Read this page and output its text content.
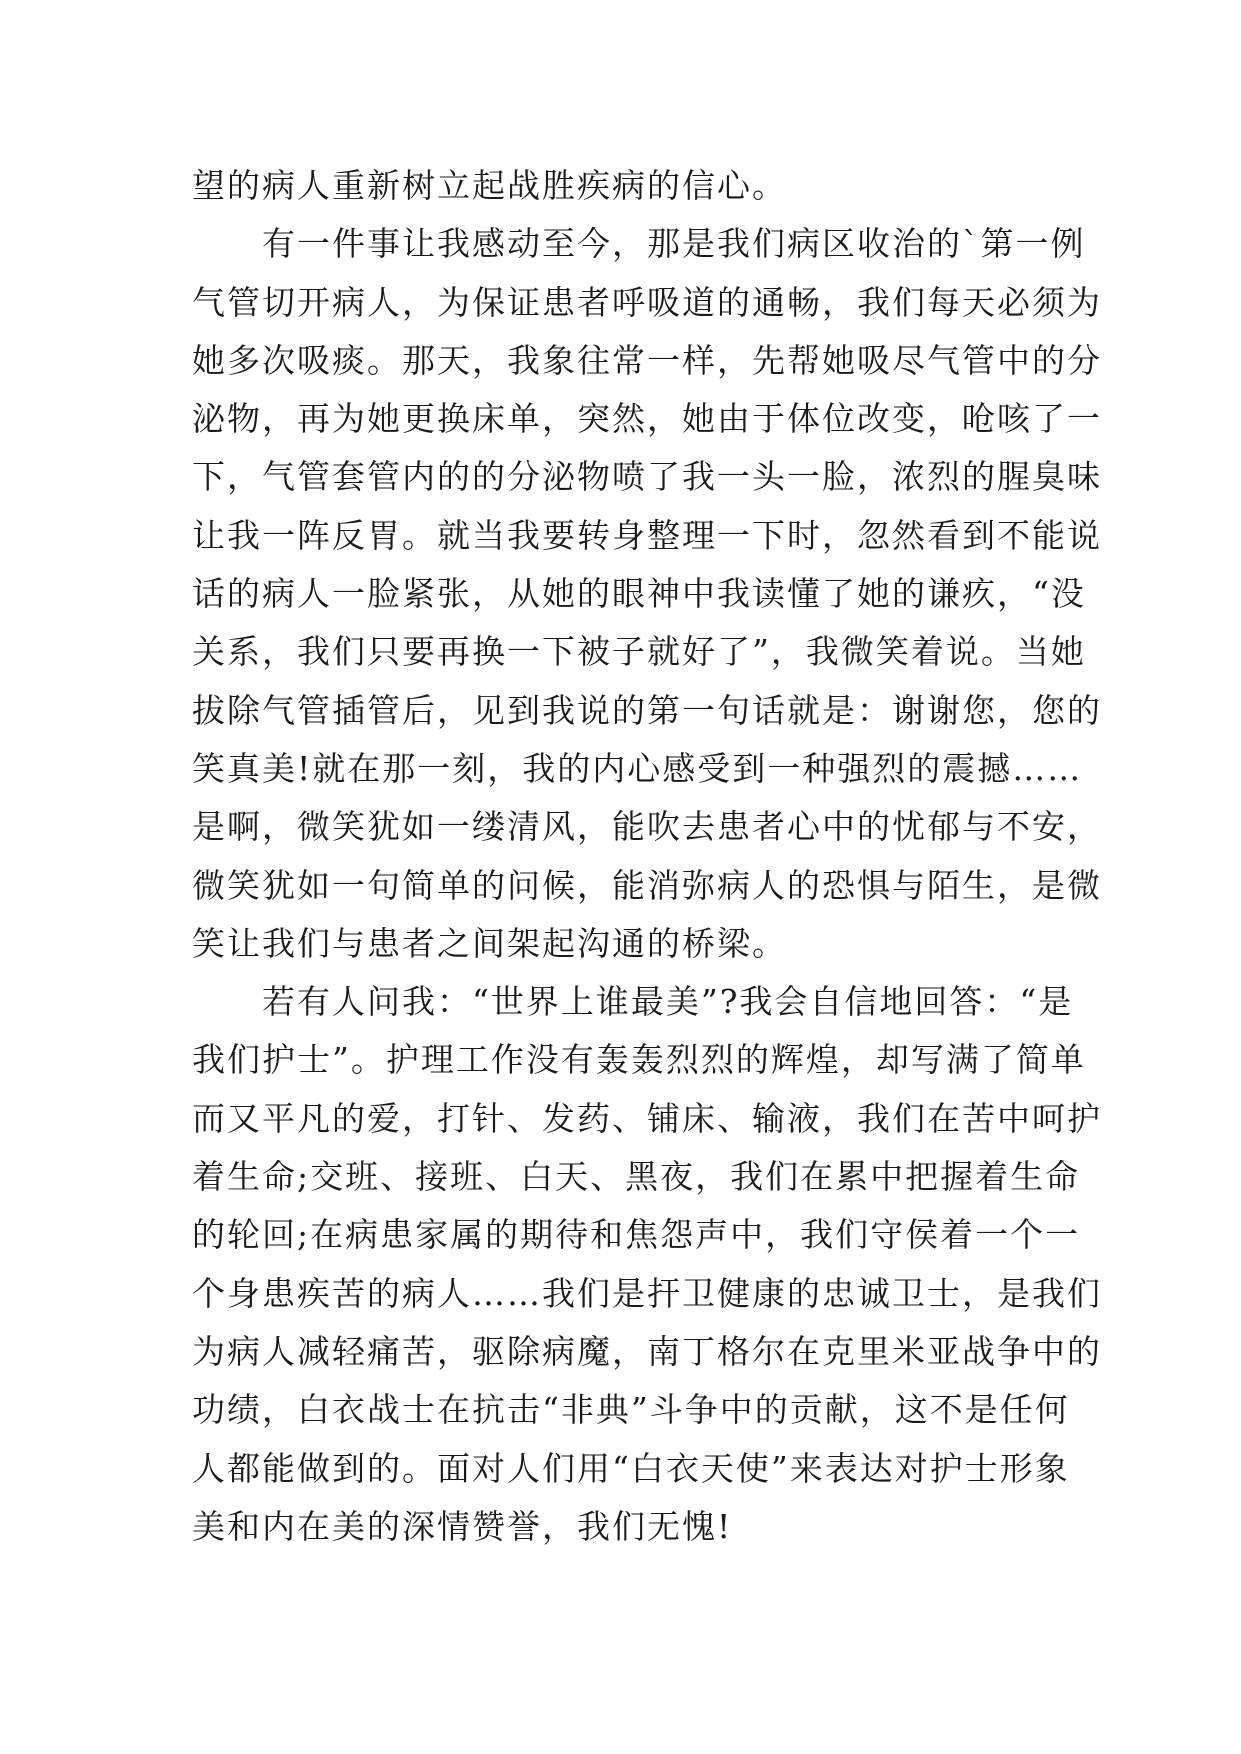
望的病人重新树立起战胜疾病的信心。
　　有一件事让我感动至今，那是我们病区收治的`第一例
气管切开病人，为保证患者呼吸道的通畅，我们每天必须为
她多次吸痰。那天，我象往常一样，先帮她吸尽气管中的分
泌物，再为她更换床单，突然，她由于体位改变，呛咳了一
下，气管套管内的的分泌物喷了我一头一脸，浓烈的腥臭味
让我一阵反胃。就当我要转身整理一下时，忽然看到不能说
话的病人一脸紧张，从她的眼神中我读懂了她的谦疚，“没
关系，我们只要再换一下被子就好了”，我微笑着说。当她
拔除气管插管后，见到我说的第一句话就是：谢谢您，您的
笑真美!就在那一刻，我的内心感受到一种强烈的震撼……
是啊，微笑犹如一缕清风，能吹去患者心中的忧郁与不安，
微笑犹如一句简单的问候，能消弥病人的恐惧与陌生，是微
笑让我们与患者之间架起沟通的桥梁。
　　若有人问我：“世界上谁最美”?我会自信地回答：“是
我们护士”。护理工作没有轰轰烈烈的辉煌，却写满了简单
而又平凡的爱，打针、发药、铺床、输液，我们在苦中呵护
着生命;交班、接班、白天、黑夜，我们在累中把握着生命
的轮回;在病患家属的期待和焦怨声中，我们守侯着一个一
个身患疾苦的病人……我们是扞卫健康的忠诚卫士，是我们
为病人减轻痛苦，驱除病魔，南丁格尔在克里米亚战争中的
功绩，白衣战士在抗击“非典”斗争中的贡献，这不是任何
人都能做到的。面对人们用“白衣天使”来表达对护士形象
美和内在美的深情赞誉，我们无愧!
